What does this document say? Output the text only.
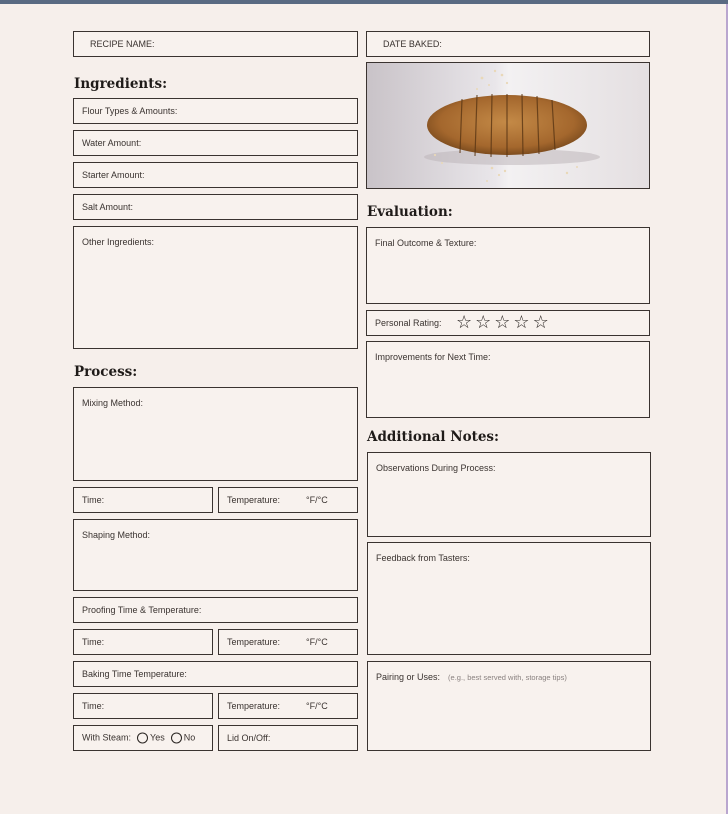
RECIPE NAME:	DATE BAKED:
Ingredients:
Flour Types & Amounts:
Water Amount:
Starter Amount:
Salt Amount:
Other Ingredients:
Process:
Mixing Method:
Time:	Temperature:	°F/°C
Shaping Method:
Proofing Time & Temperature:
Time:	Temperature:	°F/°C
Baking Time Temperature:
Time:	Temperature:	°F/°C
With Steam: Yes No	Lid On/Off:
Evaluation:
Final Outcome & Texture:
Personal Rating: ☆ ☆ ☆ ☆ ☆
Improvements for Next Time:
Additional Notes:
Observations During Process:
Feedback from Tasters:
Pairing or Uses: (e.g., best served with, storage tips)
